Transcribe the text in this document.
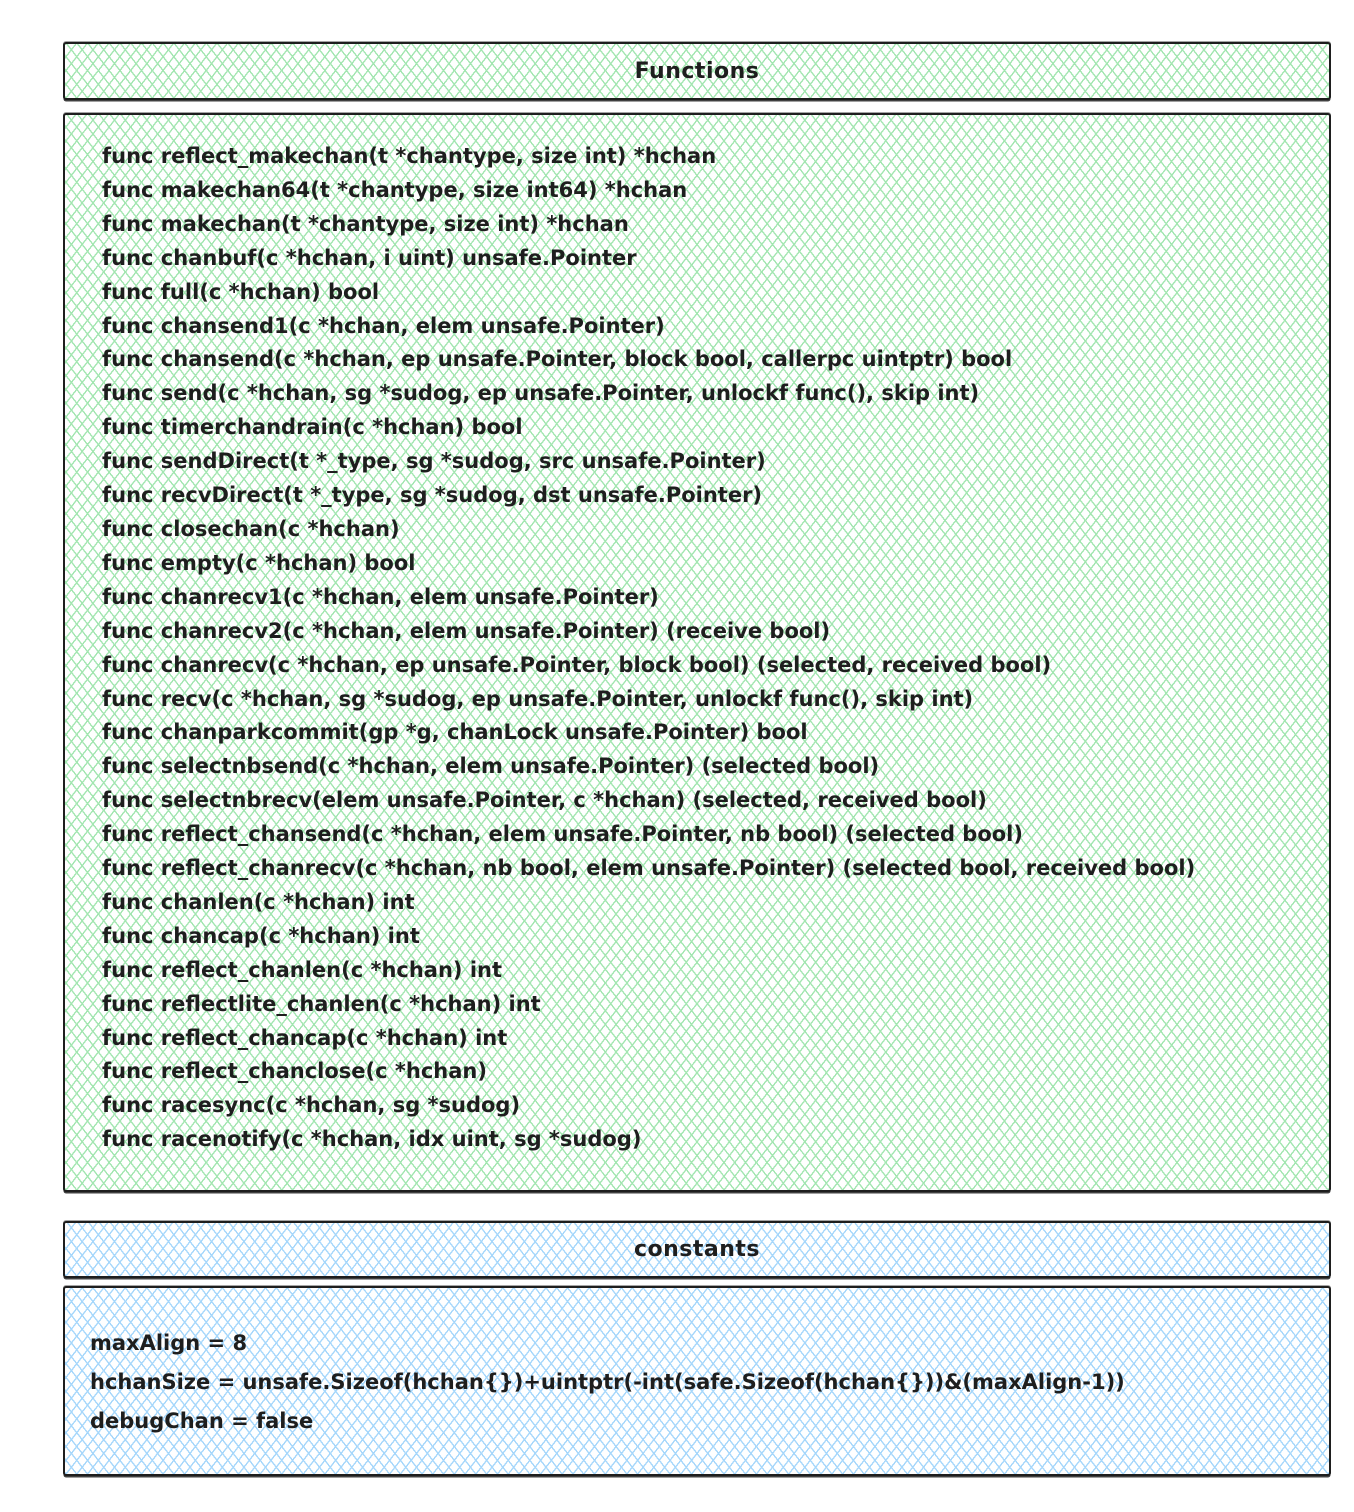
Functions
func reflect_makechan(t *chantype, size int) *hchan
func makechan64(t *chantype, size int64) *hchan
func makechan(t *chantype, size int) *hchan
func chanbuf(c *hchan, i uint) unsafe.Pointer
func full(c *hchan) bool
func chansend1(c *hchan, elem unsafe.Pointer)
func chansend(c *hchan, ep unsafe.Pointer, block bool, callerpc uintptr) bool
func send(c *hchan, sg *sudog, ep unsafe.Pointer, unlockf func(), skip int)
func timerchandrain(c *hchan) bool
func sendDirect(t *_type, sg *sudog, src unsafe.Pointer)
func recvDirect(t *_type, sg *sudog, dst unsafe.Pointer)
func closechan(c *hchan)
func empty(c *hchan) bool
func chanrecv1(c *hchan, elem unsafe.Pointer)
func chanrecv2(c *hchan, elem unsafe.Pointer) (receive bool)
func chanrecv(c *hchan, ep unsafe.Pointer, block bool) (selected, received bool)
func recv(c *hchan, sg *sudog, ep unsafe.Pointer, unlockf func(), skip int)
func chanparkcommit(gp *g, chanLock unsafe.Pointer) bool
func selectnbsend(c *hchan, elem unsafe.Pointer) (selected bool)
func selectnbrecv(elem unsafe.Pointer, c *hchan) (selected, received bool)
func reflect_chansend(c *hchan, elem unsafe.Pointer, nb bool) (selected bool)
func reflect_chanrecv(c *hchan, nb bool, elem unsafe.Pointer) (selected bool, received bool)
func chanlen(c *hchan) int
func chancap(c *hchan) int
func reflect_chanlen(c *hchan) int
func reflectlite_chanlen(c *hchan) int
func reflect_chancap(c *hchan) int
func reflect_chanclose(c *hchan)
func racesync(c *hchan, sg *sudog)
func racenotify(c *hchan, idx uint, sg *sudog)
constants
maxAlign = 8
hchanSize = unsafe.Sizeof(hchan{})+uintptr(-int(safe.Sizeof(hchan{}))&(maxAlign-1))
debugChan = false
